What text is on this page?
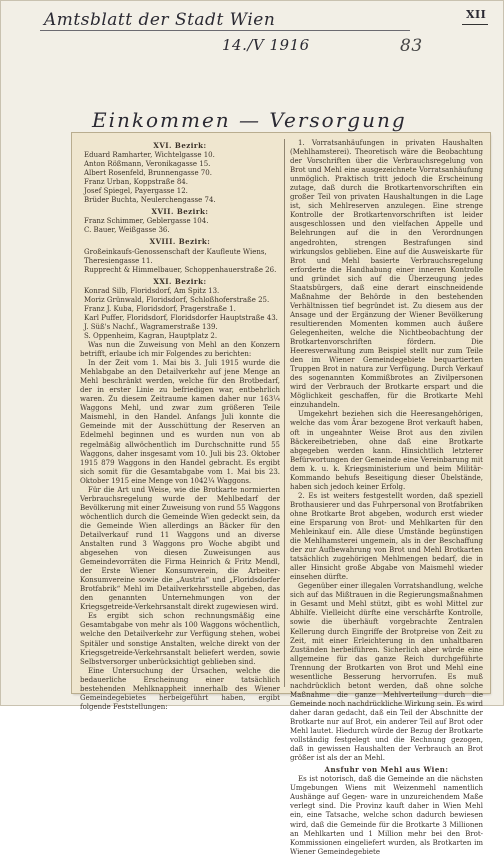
Amtsblatt der Stadt Wien	XII
14./V 1916	83
Einkommen — Versorgung
XVI. Bezirk:
Eduard Ramharter, Wichtelgasse 10.
Anton Rößmann, Veronikagasse 15.
Albert Rosenfeld, Brunnengasse 70.
Franz Urban, Koppstraße 84.
Josef Spiegel, Payergasse 12.
Brüder Buchta, Neulerchengasse 74.
XVII. Bezirk:
Franz Schimmer, Geblergasse 104.
C. Bauer, Weißgasse 36.
XVIII. Bezirk:
Großeinkaufs-Genossenschaft der Kaufleute Wiens, Theresiengasse 11.
Rupprecht & Himmelbauer, Schoppenhauerstraße 26.
XXI. Bezirk:
Konrad Silb, Floridsdorf, Am Spitz 13.
Moriz Grünwald, Floridsdorf, Schloßhoferstraße 25.
Franz J. Kuba, Floridsdorf, Pragerstraße 1.
Karl Puffer, Floridsdorf, Floridsdorfer Hauptstraße 43.
J. Süß's Nachf., Wagramerstraße 139.
S. Oppenheim, Kagran, Hauptplatz 2.

Was nun die Zuweisung von Mehl an den Konzern betrifft, erlaube ich mir Folgendes zu berichten:

In der Zeit vom 1. Mai bis 3. Juli 1915 wurde die Mehlabgabe an den Detailverkehr auf jene Menge an Mehl beschränkt werden, welche für den Brotbedarf, der in erster Linie zu befriedigen war, entbehrlich waren. Zu diesem Zeitraume kamen daher nur 163¼ Waggons Mehl, und zwar zum größeren Teile Maismehl, in den Handel. Anfangs Juli konnte die Gemeinde mit der Ausschüttung der Reserven an Edelmehl beginnen und es wurden nun von ab regelmäßig allwöchentlich im Durchschnitte rund 55 Waggons, daher insgesamt vom 10. Juli bis 23. Oktober 1915 879 Waggons in den Handel gebracht. Es ergibt sich somit für die Gesamtabgabe vom 1. Mai bis 23. Oktober 1915 eine Menge von 1042¼ Waggons.

Für die Art und Weise, wie die Brotkarte normierten Verbrauchsregelung wurde der Mehlbedarf der Bevölkerung mit einer Zuweisung von rund 55 Waggons wöchentlich durch die Gemeinde Wien gedeckt sein, da die Gemeinde Wien allerdings an Bäcker für den Detailverkauf rund 11 Waggons und an diverse Anstalten rund 3 Waggons pro Woche abgibt und abgesehen von diesen Zuweisungen aus Gemeindevorräten die Firma Heinrich & Fritz Mendl, der Erste Wiener Konsumverein, die Arbeiter-Konsumvereine sowie die „Austria“ und „Floridsdorfer Brotfabrik“ Mehl im Detailverkehrsstelle abgeben, das den genannten Unternehmungen von der Kriegsgetreide-Verkehrsanstalt direkt zugewiesen wird.

Es ergibt sich schon rechnungsmäßig eine Gesamtabgabe von mehr als 100 Waggons wöchentlich, welche den Detailverkehr zur Verfügung stehen, wobei Spitäler und sonstige Anstalten, welche direkt von der Kriegsgetreide-Verkehrsanstalt beliefert werden, sowie Selbstversorger unberücksichtigt geblieben sind.

Eine Untersuchung der Ursachen, welche die bedauerliche Erscheinung einer tatsächlich bestehenden Mehlknappheit innerhalb des Wiener Gemeindegebietes herbeigeführt haben, ergibt folgende Feststellungen:

1. Vorratsanhäufungen in privaten Haushalten (Mehlhamsterei). Theoretisch wäre die Beobachtung der Vorschriften über die Verbrauchsregelung von Brot und Mehl eine ausgezeichnete Vorratsanhäufung unmöglich. Praktisch tritt jedoch die Erscheinung zutage, daß durch die Brotkartenvorschriften ein großer Teil von privaten Haushaltungen in die Lage ist, sich Mehlreserven anzulegen. Eine strenge Kontrolle der Brotkartenvorschriften ist leider ausgeschlossen und den vielfachen Appelle und Belehrungen auf die in den Verordnungen angedrohten, strengen Bestrafungen sind wirkungslos geblieben. Eine auf die Ausweiskarte für Brot und Mehl basierte Verbrauchsregelung erforderte die Handhabung einer inneren Kontrolle und gründet sich auf die Überzeugung jedes Staatsbürgers, daß eine derart einschneidende Maßnahme der Behörde in den bestehenden Verhältnissen tief begründet ist. Zu diesem aus der Ansage und der Ergänzung der Wiener Bevölkerung resultierenden Momenten kommen auch äußere Gelegenheiten, welche die Nichtbeobachtung der Brotkartenvorschriften fördern. Die Heeresverwaltung zum Beispiel stellt nur zum Teile den im Wiener Gemeindegebiete bequartierten Truppen Brot in natura zur Verfügung. Durch Verkauf des sogenannten Kommißbrotes an Zivilpersonen wird der Verbrauch der Brotkarte erspart und die Möglichkeit geschaffen, für die Brotkarte Mehl einzuhandeln.

Umgekehrt beziehen sich die Heeresangehörigen, welche das vom Ärar bezogene Brot verkauft haben, oft in ungeahnter Weise Brot aus den zivilen Bäckereibetrieben, ohne daß eine Brotkarte abgegeben werden kann. Hinsichtlich letzterer Befürwortungen der Gemeinde eine Vereinbarung mit dem k. u. k. Kriegsministerium und beim Militär-Kommando behufs Beseitigung dieser Übelstände, haben sich jedoch keiner Erfolg.

2. Es ist weiters festgestellt worden, daß speziell Brothausierer und das Fuhrpersonal von Brotfabriken ohne Brotkarte Brot abgeben, wodurch erst wieder eine Ersparung von Brot- und Mehlkarten für den Mehleinkauf ein. Alle diese Umstände begünstigen die Mehlhamsterei ungemein, als in der Beschaffung der zur Aufbewahrung von Brot und Mehl Brotkarten tatsächlich zugehörigen Mehlmengen bedarf, die in aller Hinsicht große Abgabe von Maismehl wieder einsehen dürfte.

Gegenüber einer illegalen Vorratshandlung, welche sich auf das Mißtrauen in die Regierungsmaßnahmen in Gesamt und Mehl stützt, gibt es wohl Mittel zur Abhilfe. Vielleicht dürfte eine verschärfte Kontrolle, sowie die überhäuft vorgebrachte Zentralen Kellerung durch Eingriffe der Brotpreise von Zeit zu Zeit, mit einer Erleichterung in den unhaltbaren Zuständen herbeiführen. Sicherlich aber würde eine allgemeine für das ganze Reich durchgeführte Trennung der Brotkarten von Brot und Mehl eine wesentliche Besserung hervorrufen. Es muß nachdrücklich betont werden, daß ohne solche Maßnahme die ganze Mehlverteilung durch die Gemeinde noch nachdrückliche Wirkung sein. Es wird daher daran gedacht, daß ein Teil der Abschnitte der Brotkarte nur auf Brot, ein anderer Teil auf Brot oder Mehl lautet. Hiedurch würde der Bezug der Brotkarte vollständig festgelegt und die Rechnung gezogen, daß in gewissen Haushalten der Verbrauch an Brot größer ist als der an Mehl.

Ansfuhr von Mehl aus Wien:

Es ist notorisch, daß die Gemeinde an die nächsten Umgebungen Wiens mit Weizenmehl namentlich Aushänge auf Gegen- ware in unzureichendem Maße verlegt sind. Die Provinz kauft daher in Wien Mehl ein, eine Tatsache, welche schon dadurch bewiesen wird, daß die Gemeinde für die Brotkarte 3 Millionen an Mehlkarten und 1 Million mehr bei den Brot-Kommissionen eingeliefert wurden, als Brotkarten im Wiener Gemeindegebiete
